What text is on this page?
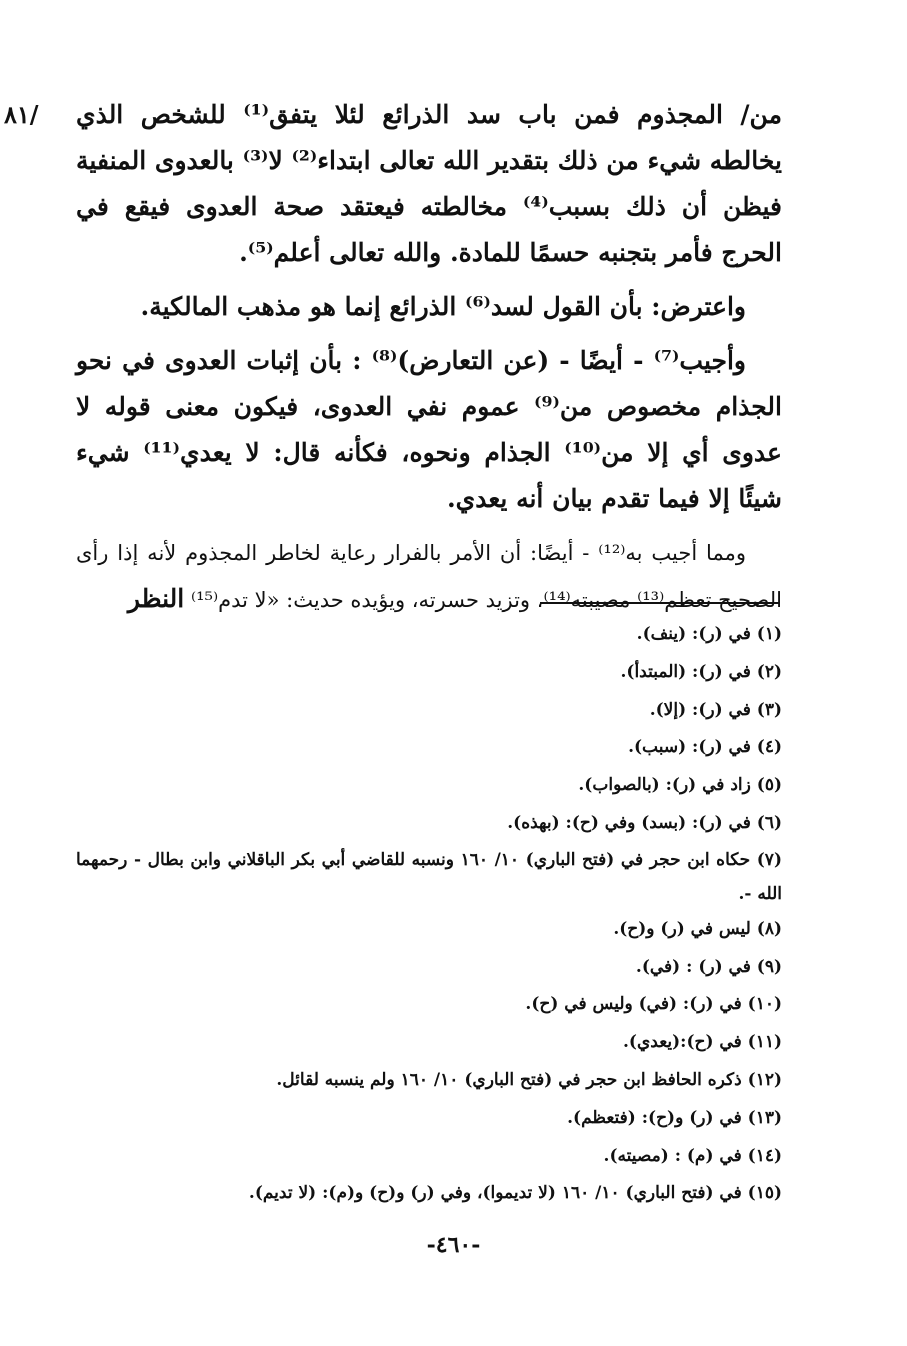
/٨١ من/ المجذوم فمن باب سد الذرائع لئلا يتفق⁽¹⁾ للشخص الذي يخالطه شيء من ذلك بتقدير الله تعالى ابتداء⁽²⁾ لا⁽³⁾ بالعدوى المنفية فيظن أن ذلك بسبب⁽⁴⁾ مخالطته فيعتقد صحة العدوى فيقع في الحرج فأمر بتجنبه حسمًا للمادة. والله تعالى أعلم⁽⁵⁾.

واعترض: بأن القول لسد⁽⁶⁾ الذرائع إنما هو مذهب المالكية.

وأجيب⁽⁷⁾ - أيضًا - (عن التعارض)⁽⁸⁾ : بأن إثبات العدوى في نحو الجذام مخصوص من⁽⁹⁾ عموم نفي العدوى، فيكون معنى قوله لا عدوى أي إلا من⁽¹⁰⁾ الجذام ونحوه، فكأنه قال: لا يعدي⁽¹¹⁾ شيء شيئًا إلا فيما تقدم بيان أنه يعدي.

ومما أجيب به⁽¹²⁾ - أيضًا: أن الأمر بالفرار رعاية لخاطر المجذوم لأنه إذا رأى الصحيح تعظم⁽¹³⁾ مصيبته⁽¹⁴⁾، وتزيد حسرته، ويؤيده حديث: «لا تدم⁽¹⁵⁾ النظر

(١) في (ر): (ينف).

(٢) في (ر): (المبتدأ).

(٣) في (ر): (إلا).

(٤) في (ر): (سبب).

(٥) زاد في (ر): (بالصواب).

(٦) في (ر): (بسد) وفي (ح): (بهذه).

(٧) حكاه ابن حجر في (فتح الباري) ١٠/ ١٦٠ ونسبه للقاضي أبي بكر الباقلاني وابن بطال - رحمهما الله -.

(٨) ليس في (ر) و(ح).

(٩) في (ر) : (في).

(١٠) في (ر): (في) وليس في (ح).

(١١) في (ح):(يعدي).

(١٢) ذكره الحافظ ابن حجر في (فتح الباري) ١٠/ ١٦٠ ولم ينسبه لقائل.

(١٣) في (ر) و(ح): (فتعظم).

(١٤) في (م) : (مصيته).

(١٥) في (فتح الباري) ١٠/ ١٦٠ (لا تديموا)، وفي (ر) و(ح) و(م): (لا تديم).

-٤٦٠-
